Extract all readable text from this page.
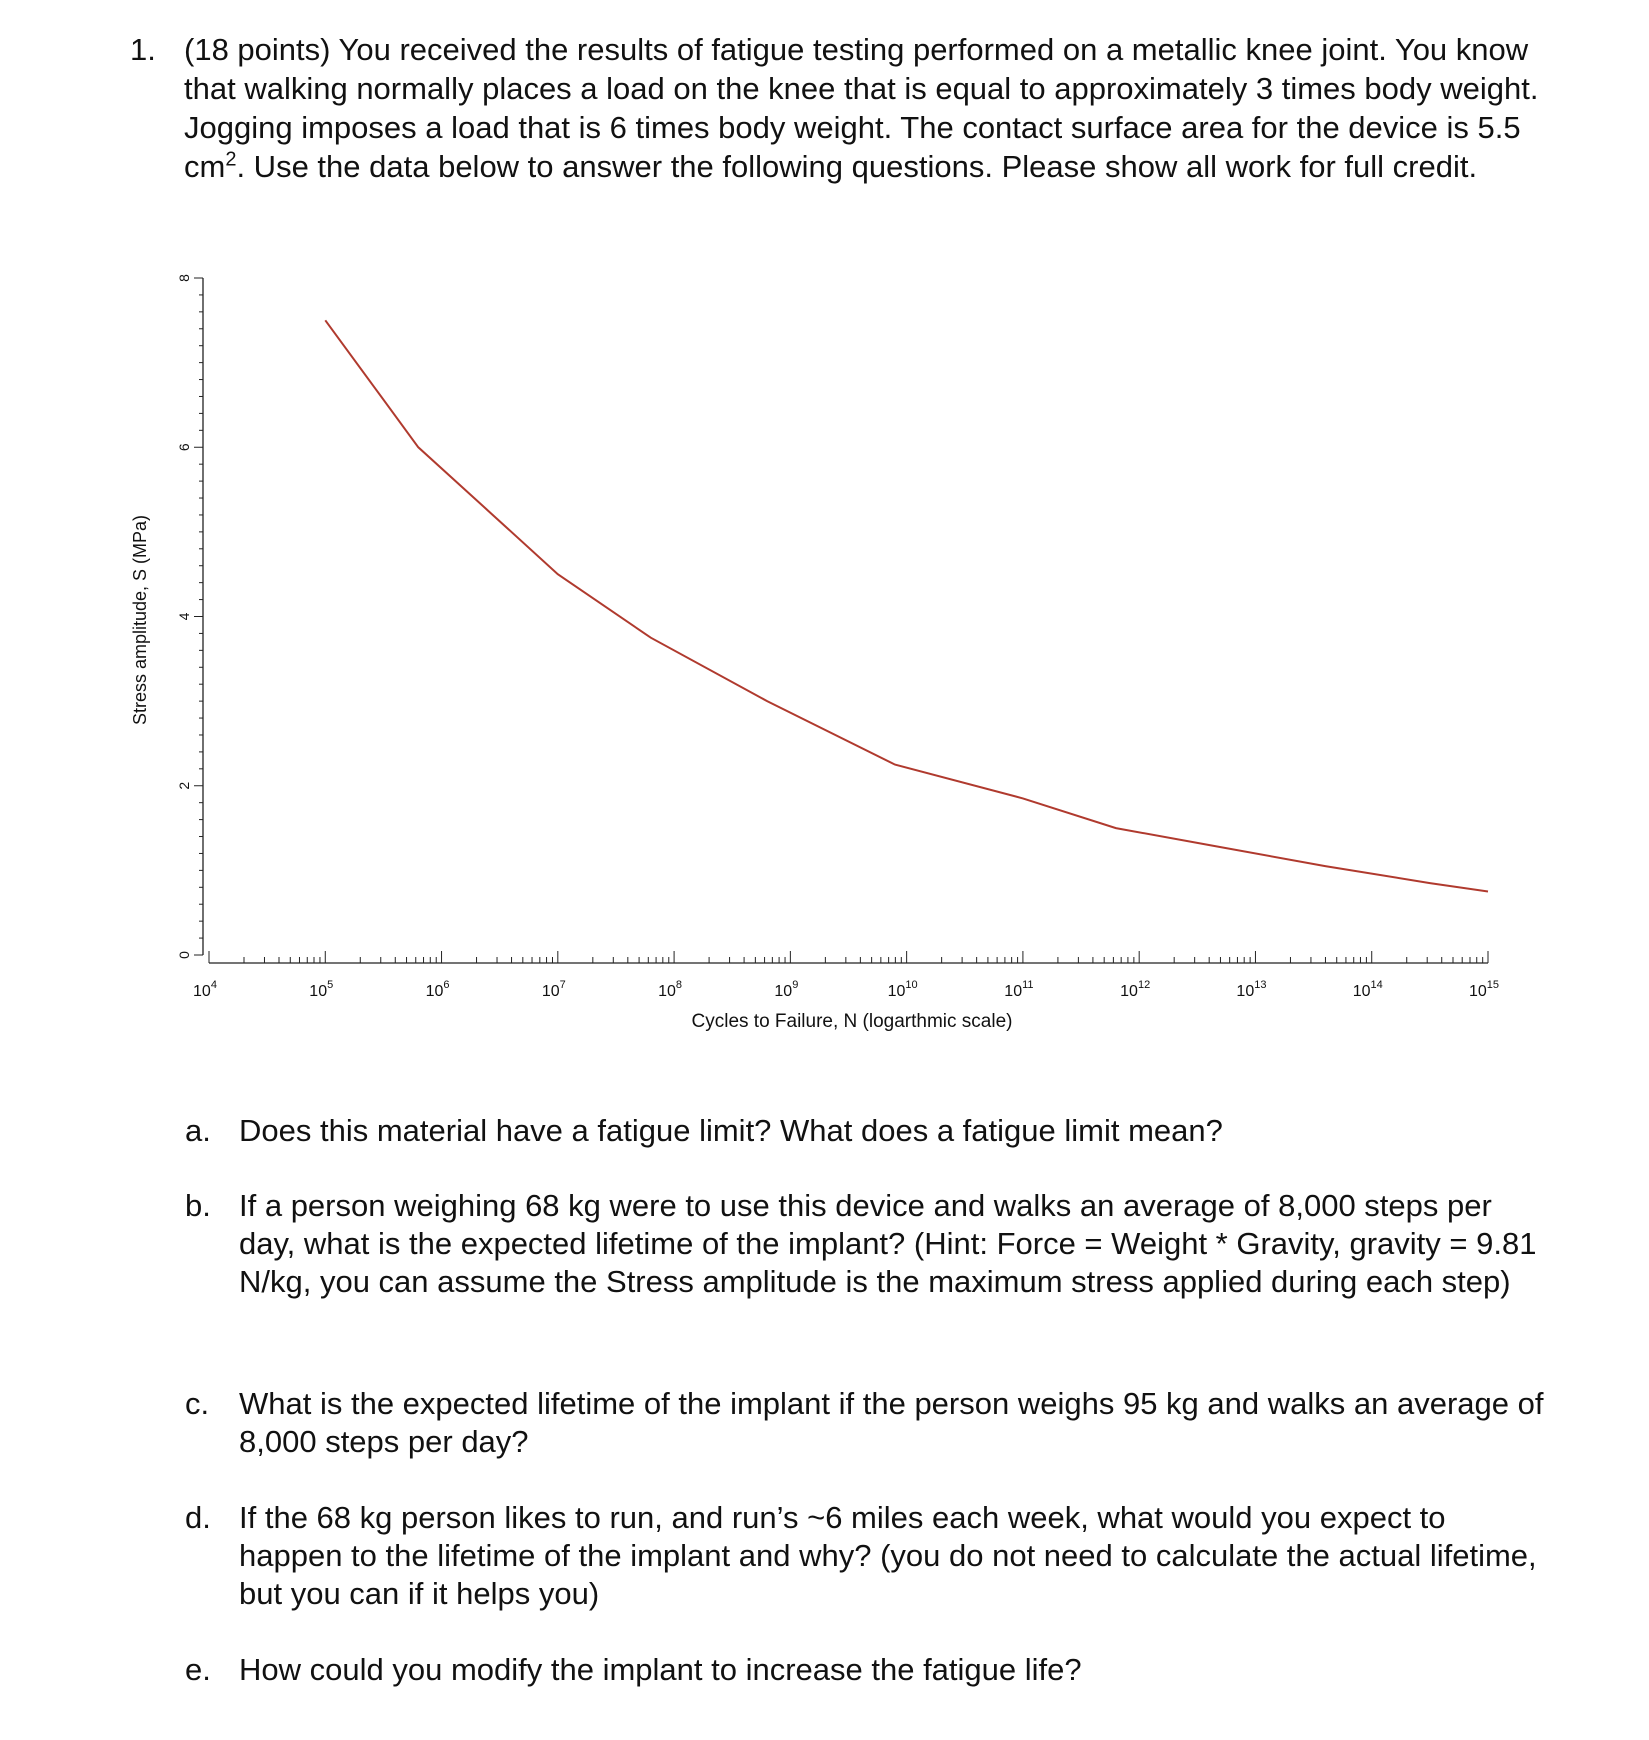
1. (18 points) You received the results of fatigue testing performed on a metallic knee joint. You know that walking normally places a load on the knee that is equal to approximately 3 times body weight. Jogging imposes a load that is 6 times body weight. The contact surface area for the device is 5.5 $cm^2$. Use the data below to answer the following questions. Please show all work for full credit.
0
2
4
6
8
$10^4$	$10^5$	$10^6$	$10^7$	$10^8$	$10^9$	$10^{10}$	$10^{11}$	$10^{12}$	$10^{13}$	$10^{14}$	$10^{15}$
Stress amplitude, S (MPa)
Cycles to Failure, N (logarthmic scale)
a. Does this material have a fatigue limit? What does a fatigue limit mean?
b. If a person weighing 68 kg were to use this device and walks an average of 8,000 steps per day, what is the expected lifetime of the implant? (Hint: Force = Weight * Gravity, gravity = 9.81 N/kg, you can assume the Stress amplitude is the maximum stress applied during each step)
c. What is the expected lifetime of the implant if the person weighs 95 kg and walks an average of 8,000 steps per day?
d. If the 68 kg person likes to run, and run’s ~6 miles each week, what would you expect to happen to the lifetime of the implant and why? (you do not need to calculate the actual lifetime, but you can if it helps you)
e. How could you modify the implant to increase the fatigue life?
